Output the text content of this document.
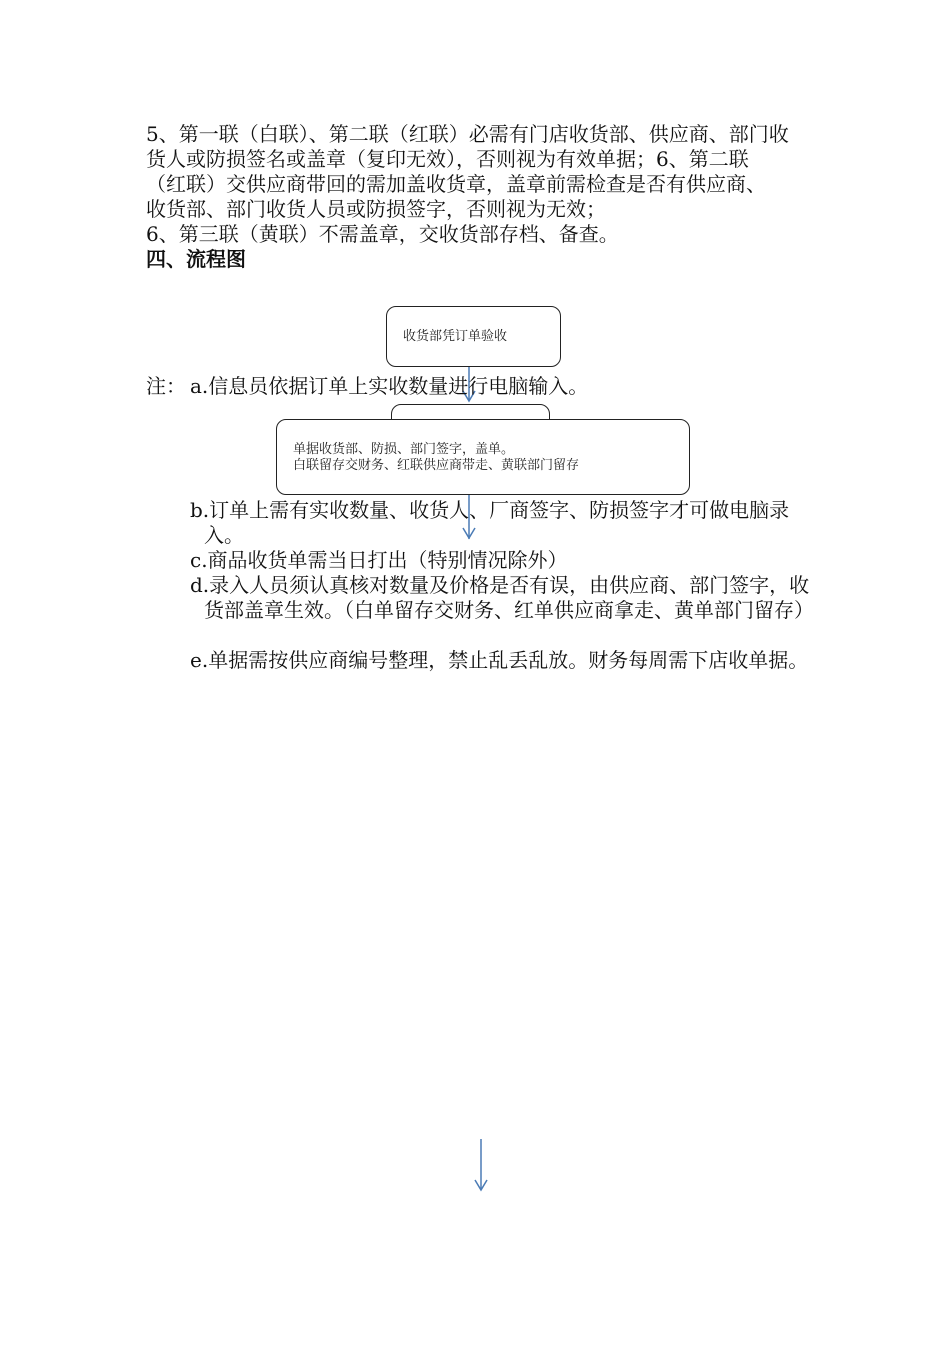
5、第一联（白联）、第二联（红联）必需有门店收货部、供应商、部门收
货人或防损签名或盖章（复印无效），否则视为有效单据；6、第二联
（红联）交供应商带回的需加盖收货章，盖章前需检查是否有供应商、
收货部、部门收货人员或防损签字，否则视为无效；
6、第三联（黄联）不需盖章，交收货部存档、备查。
四、流程图
收货部凭订单验收
注： a.信息员依据订单上实收数量进行电脑输入。
单据收货部、防损、部门签字，盖单。
白联留存交财务、红联供应商带走、黄联部门留存
b.订单上需有实收数量、收货人、厂商签字、防损签字才可做电脑录入。
c.商品收货单需当日打出（特别情况除外）
d.录入人员须认真核对数量及价格是否有误，由供应商、部门签字，收货部盖章生效。（白单留存交财务、红单供应商拿走、黄单部门留存）
e.单据需按供应商编号整理，禁止乱丢乱放。财务每周需下店收单据。
